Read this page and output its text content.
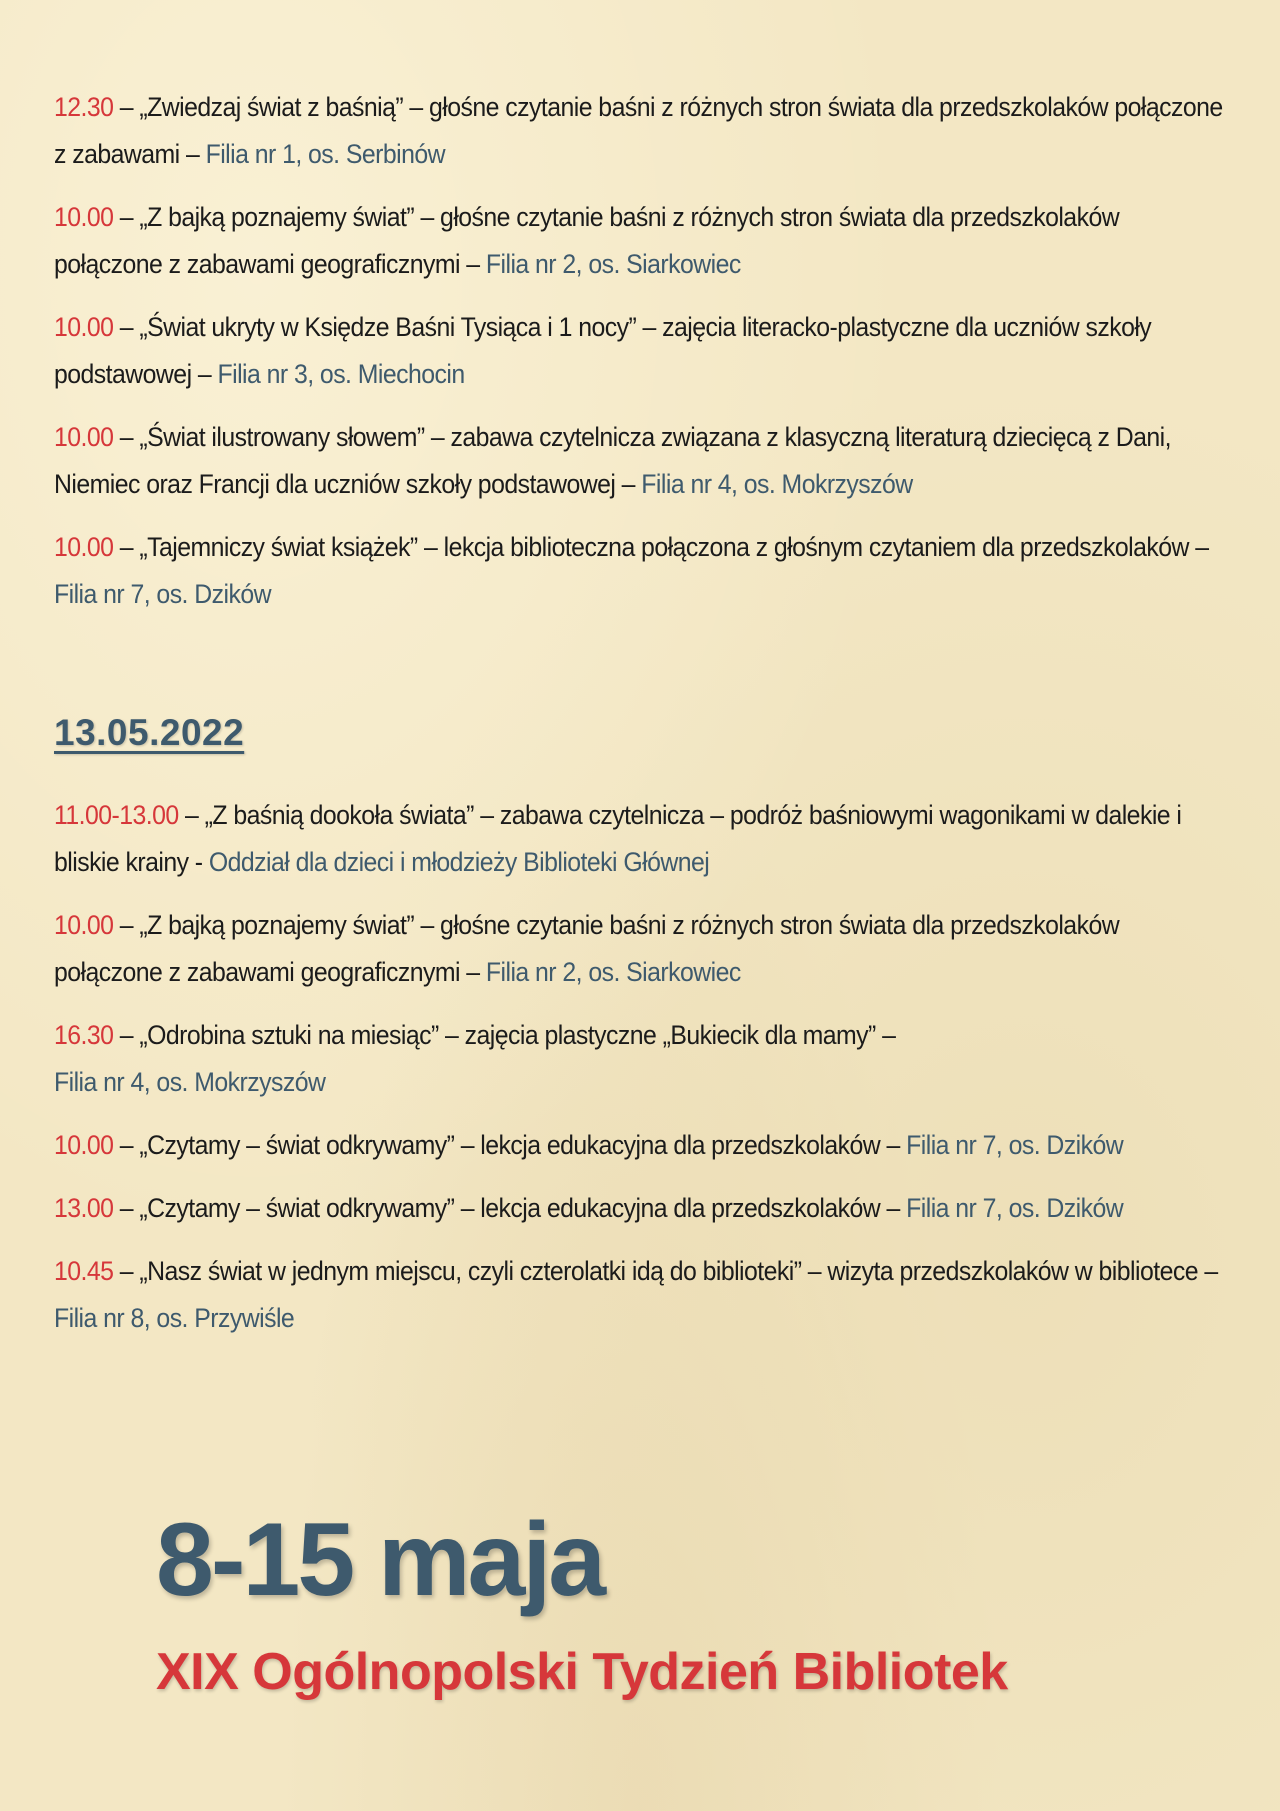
12.30 – „Zwiedzaj świat z baśnią” – głośne czytanie baśni z różnych stron świata dla przedszkolaków połączone z zabawami – Filia nr 1, os. Serbinów

10.00 – „Z bajką poznajemy świat” – głośne czytanie baśni z różnych stron świata dla przedszkolaków połączone z zabawami geograficznymi – Filia nr 2, os. Siarkowiec

10.00 – „Świat ukryty w Księdze Baśni Tysiąca i 1 nocy” – zajęcia literacko-plastyczne dla uczniów szkoły podstawowej – Filia nr 3, os. Miechocin

10.00 – „Świat ilustrowany słowem” – zabawa czytelnicza związana z klasyczną literaturą dziecięcą z Dani, Niemiec oraz Francji dla uczniów szkoły podstawowej – Filia nr 4, os. Mokrzyszów

10.00 – „Tajemniczy świat książek” – lekcja biblioteczna połączona z głośnym czytaniem dla przedszkolaków – Filia nr 7, os. Dzików

13.05.2022

11.00-13.00 – „Z baśnią dookoła świata” – zabawa czytelnicza – podróż baśniowymi wagonikami w dalekie i bliskie krainy - Oddział dla dzieci i młodzieży Biblioteki Głównej

10.00 – „Z bajką poznajemy świat” – głośne czytanie baśni z różnych stron świata dla przedszkolaków połączone z zabawami geograficznymi – Filia nr 2, os. Siarkowiec

16.30 – „Odrobina sztuki na miesiąc” – zajęcia plastyczne „Bukiecik dla mamy” –
Filia nr 4, os. Mokrzyszów

10.00 – „Czytamy – świat odkrywamy” – lekcja edukacyjna dla przedszkolaków – Filia nr 7, os. Dzików

13.00 – „Czytamy – świat odkrywamy” – lekcja edukacyjna dla przedszkolaków – Filia nr 7, os. Dzików

10.45 – „Nasz świat w jednym miejscu, czyli czterolatki idą do biblioteki” – wizyta przedszkolaków w bibliotece – Filia nr 8, os. Przywiśle

8-15 maja
XIX Ogólnopolski Tydzień Bibliotek
